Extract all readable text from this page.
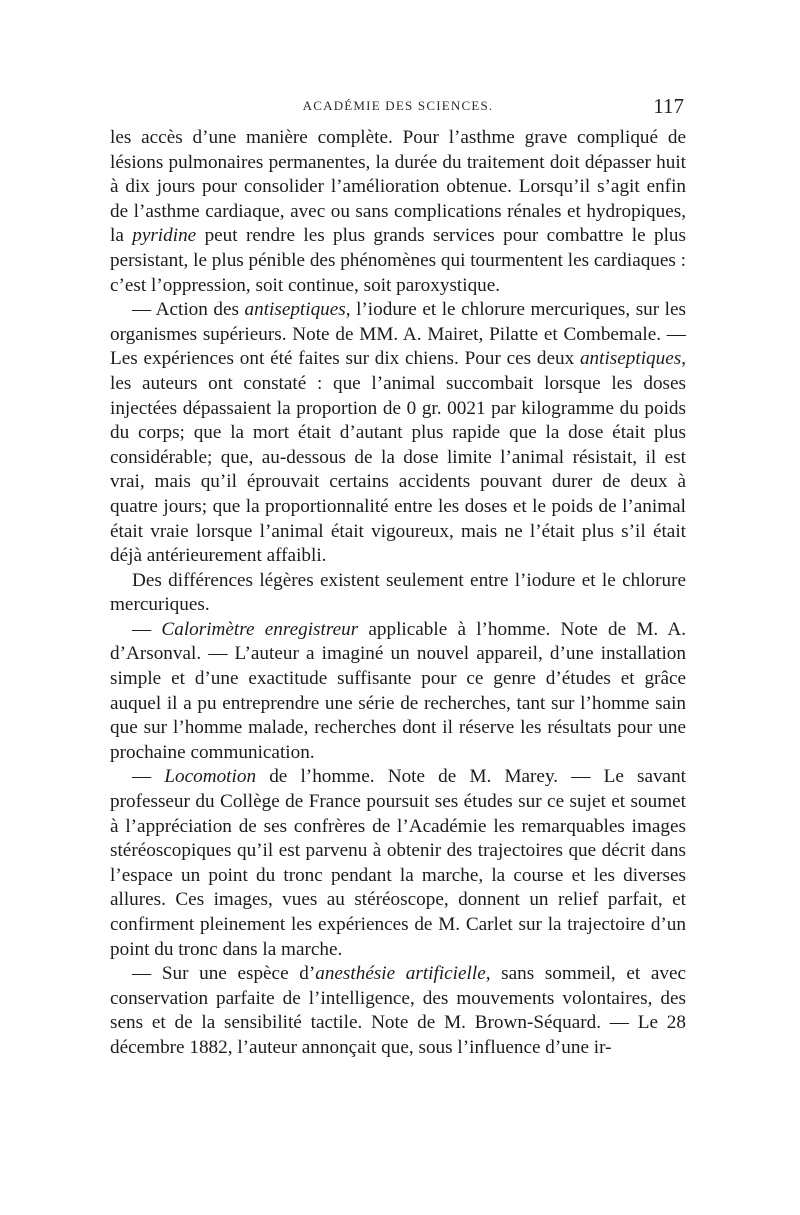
ACADÉMIE DES SCIENCES.	117

les accès d’une manière complète. Pour l’asthme grave compliqué de lésions pulmonaires permanentes, la durée du traitement doit dépasser huit à dix jours pour consolider l’amélioration obtenue. Lorsqu’il s’agit enfin de l’asthme cardiaque, avec ou sans complications rénales et hydropiques, la pyridine peut rendre les plus grands services pour combattre le plus persistant, le plus pénible des phénomènes qui tourmentent les cardiaques : c’est l’oppression, soit continue, soit paroxystique.

— Action des antiseptiques, l’iodure et le chlorure mercuriques, sur les organismes supérieurs. Note de MM. A. Mairet, Pilatte et Combemale. — Les expériences ont été faites sur dix chiens. Pour ces deux antiseptiques, les auteurs ont constaté : que l’animal succombait lorsque les doses injectées dépassaient la proportion de 0 gr. 0021 par kilogramme du poids du corps; que la mort était d’autant plus rapide que la dose était plus considérable; que, au-dessous de la dose limite l’animal résistait, il est vrai, mais qu’il éprouvait certains accidents pouvant durer de deux à quatre jours; que la proportionnalité entre les doses et le poids de l’animal était vraie lorsque l’animal était vigoureux, mais ne l’était plus s’il était déjà antérieurement affaibli.

Des différences légères existent seulement entre l’iodure et le chlorure mercuriques.

— Calorimètre enregistreur applicable à l’homme. Note de M. A. d’Arsonval. — L’auteur a imaginé un nouvel appareil, d’une installation simple et d’une exactitude suffisante pour ce genre d’études et grâce auquel il a pu entreprendre une série de recherches, tant sur l’homme sain que sur l’homme malade, recherches dont il réserve les résultats pour une prochaine communication.

— Locomotion de l’homme. Note de M. Marey. — Le savant professeur du Collège de France poursuit ses études sur ce sujet et soumet à l’appréciation de ses confrères de l’Académie les remarquables images stéréoscopiques qu’il est parvenu à obtenir des trajectoires que décrit dans l’espace un point du tronc pendant la marche, la course et les diverses allures. Ces images, vues au stéréoscope, donnent un relief parfait, et confirment pleinement les expériences de M. Carlet sur la trajectoire d’un point du tronc dans la marche.

— Sur une espèce d’anesthésie artificielle, sans sommeil, et avec conservation parfaite de l’intelligence, des mouvements volontaires, des sens et de la sensibilité tactile. Note de M. Brown-Séquard. — Le 28 décembre 1882, l’auteur annonçait que, sous l’influence d’une ir-
